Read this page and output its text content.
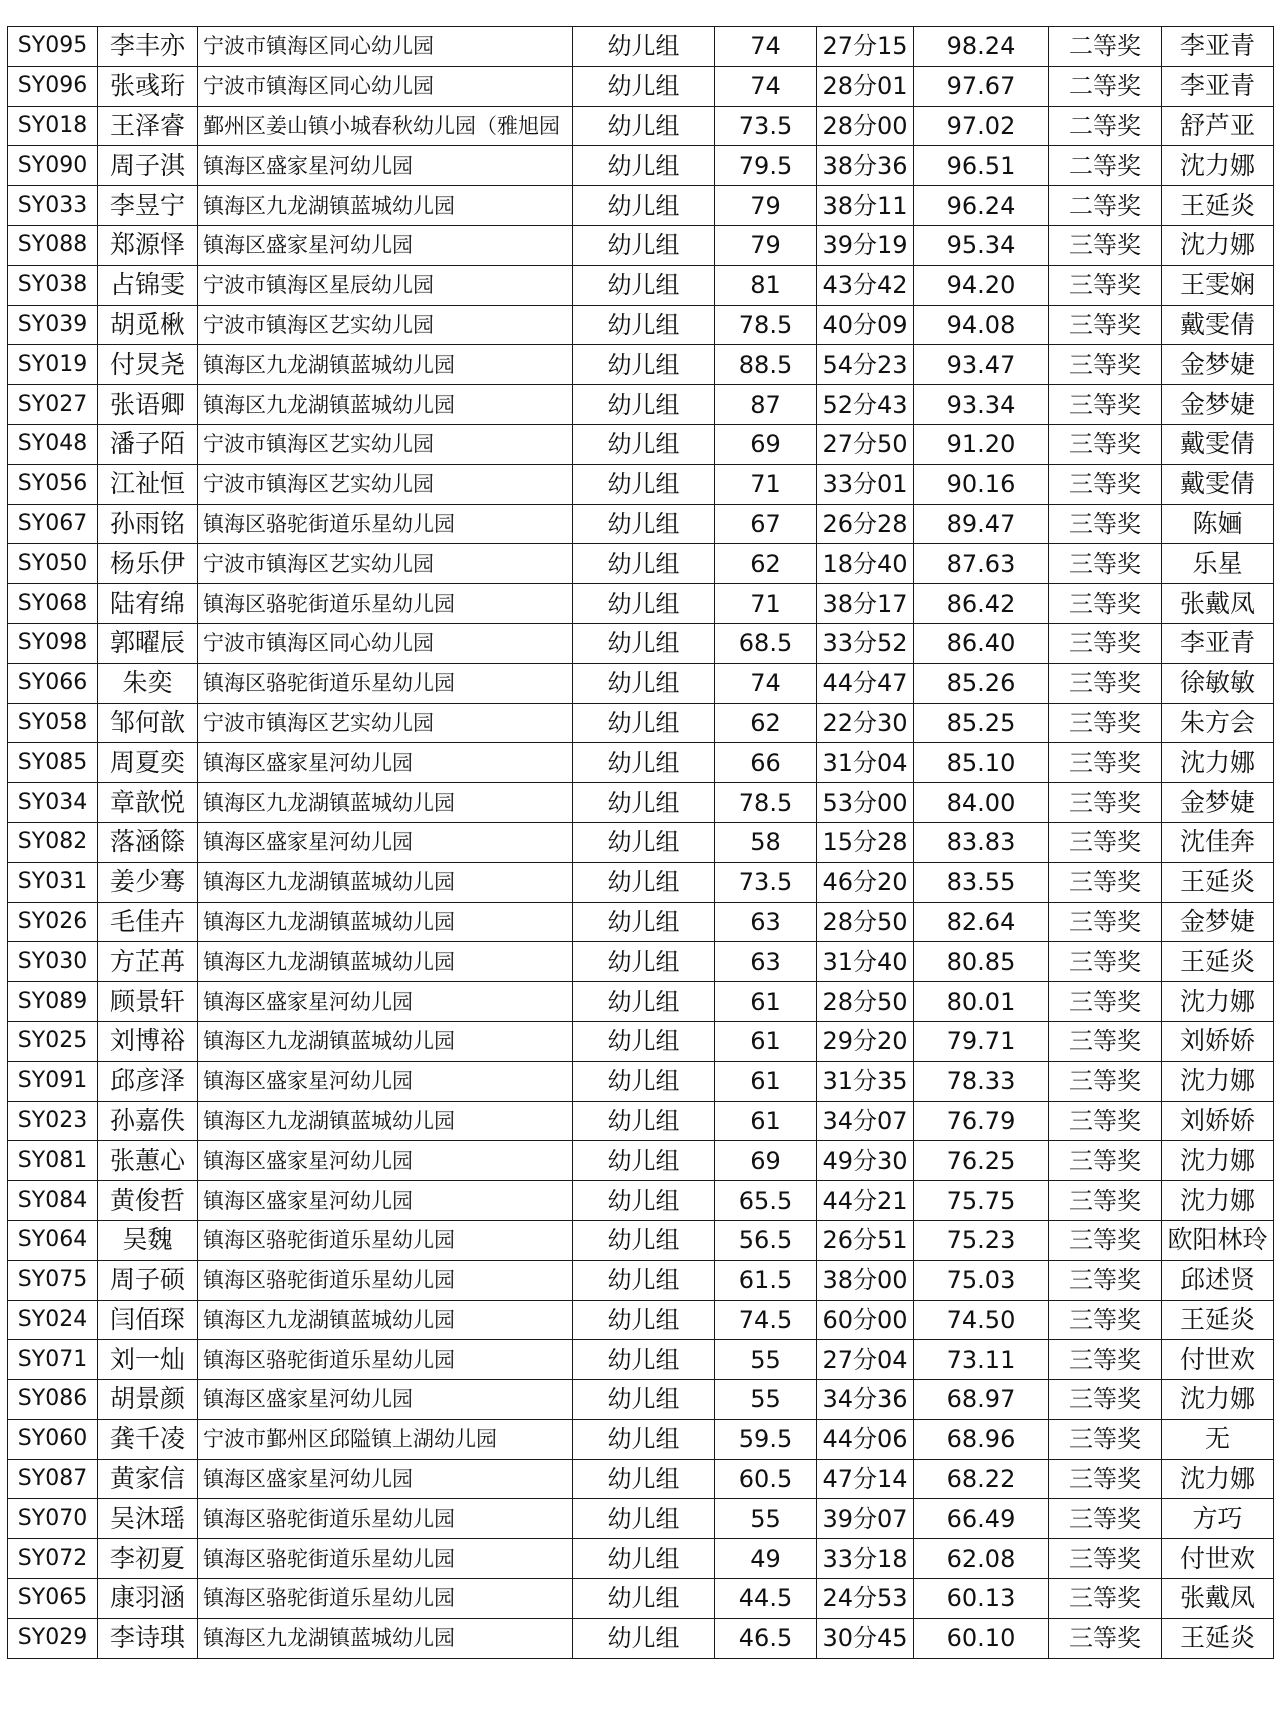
SY095	李丰亦	宁波市镇海区同心幼儿园	幼儿组	74	27分15	98.24	二等奖	李亚青
SY096	张彧珩	宁波市镇海区同心幼儿园	幼儿组	74	28分01	97.67	二等奖	李亚青
SY018	王泽睿	鄞州区姜山镇小城春秋幼儿园（雅旭园	幼儿组	73.5	28分00	97.02	二等奖	舒芦亚
SY090	周子淇	镇海区盛家星河幼儿园	幼儿组	79.5	38分36	96.51	二等奖	沈力娜
SY033	李昱宁	镇海区九龙湖镇蓝城幼儿园	幼儿组	79	38分11	96.24	二等奖	王延炎
SY088	郑源怿	镇海区盛家星河幼儿园	幼儿组	79	39分19	95.34	三等奖	沈力娜
SY038	占锦雯	宁波市镇海区星辰幼儿园	幼儿组	81	43分42	94.20	三等奖	王雯娴
SY039	胡觅楸	宁波市镇海区艺实幼儿园	幼儿组	78.5	40分09	94.08	三等奖	戴雯倩
SY019	付炅尧	镇海区九龙湖镇蓝城幼儿园	幼儿组	88.5	54分23	93.47	三等奖	金梦婕
SY027	张语卿	镇海区九龙湖镇蓝城幼儿园	幼儿组	87	52分43	93.34	三等奖	金梦婕
SY048	潘子陌	宁波市镇海区艺实幼儿园	幼儿组	69	27分50	91.20	三等奖	戴雯倩
SY056	江祉恒	宁波市镇海区艺实幼儿园	幼儿组	71	33分01	90.16	三等奖	戴雯倩
SY067	孙雨铭	镇海区骆驼街道乐星幼儿园	幼儿组	67	26分28	89.47	三等奖	陈婳
SY050	杨乐伊	宁波市镇海区艺实幼儿园	幼儿组	62	18分40	87.63	三等奖	乐星
SY068	陆宥绵	镇海区骆驼街道乐星幼儿园	幼儿组	71	38分17	86.42	三等奖	张戴凤
SY098	郭曜辰	宁波市镇海区同心幼儿园	幼儿组	68.5	33分52	86.40	三等奖	李亚青
SY066	朱奕	镇海区骆驼街道乐星幼儿园	幼儿组	74	44分47	85.26	三等奖	徐敏敏
SY058	邹何歆	宁波市镇海区艺实幼儿园	幼儿组	62	22分30	85.25	三等奖	朱方会
SY085	周夏奕	镇海区盛家星河幼儿园	幼儿组	66	31分04	85.10	三等奖	沈力娜
SY034	章歆悦	镇海区九龙湖镇蓝城幼儿园	幼儿组	78.5	53分00	84.00	三等奖	金梦婕
SY082	落涵篨	镇海区盛家星河幼儿园	幼儿组	58	15分28	83.83	三等奖	沈佳奔
SY031	姜少骞	镇海区九龙湖镇蓝城幼儿园	幼儿组	73.5	46分20	83.55	三等奖	王延炎
SY026	毛佳卉	镇海区九龙湖镇蓝城幼儿园	幼儿组	63	28分50	82.64	三等奖	金梦婕
SY030	方芷苒	镇海区九龙湖镇蓝城幼儿园	幼儿组	63	31分40	80.85	三等奖	王延炎
SY089	顾景轩	镇海区盛家星河幼儿园	幼儿组	61	28分50	80.01	三等奖	沈力娜
SY025	刘博裕	镇海区九龙湖镇蓝城幼儿园	幼儿组	61	29分20	79.71	三等奖	刘娇娇
SY091	邱彦泽	镇海区盛家星河幼儿园	幼儿组	61	31分35	78.33	三等奖	沈力娜
SY023	孙嘉佚	镇海区九龙湖镇蓝城幼儿园	幼儿组	61	34分07	76.79	三等奖	刘娇娇
SY081	张蕙心	镇海区盛家星河幼儿园	幼儿组	69	49分30	76.25	三等奖	沈力娜
SY084	黄俊哲	镇海区盛家星河幼儿园	幼儿组	65.5	44分21	75.75	三等奖	沈力娜
SY064	吴魏	镇海区骆驼街道乐星幼儿园	幼儿组	56.5	26分51	75.23	三等奖	欧阳林玲
SY075	周子硕	镇海区骆驼街道乐星幼儿园	幼儿组	61.5	38分00	75.03	三等奖	邱述贤
SY024	闫佰琛	镇海区九龙湖镇蓝城幼儿园	幼儿组	74.5	60分00	74.50	三等奖	王延炎
SY071	刘一灿	镇海区骆驼街道乐星幼儿园	幼儿组	55	27分04	73.11	三等奖	付世欢
SY086	胡景颜	镇海区盛家星河幼儿园	幼儿组	55	34分36	68.97	三等奖	沈力娜
SY060	龚千凌	宁波市鄞州区邱隘镇上湖幼儿园	幼儿组	59.5	44分06	68.96	三等奖	无
SY087	黄家信	镇海区盛家星河幼儿园	幼儿组	60.5	47分14	68.22	三等奖	沈力娜
SY070	吴沐瑶	镇海区骆驼街道乐星幼儿园	幼儿组	55	39分07	66.49	三等奖	方巧
SY072	李初夏	镇海区骆驼街道乐星幼儿园	幼儿组	49	33分18	62.08	三等奖	付世欢
SY065	康羽涵	镇海区骆驼街道乐星幼儿园	幼儿组	44.5	24分53	60.13	三等奖	张戴凤
SY029	李诗琪	镇海区九龙湖镇蓝城幼儿园	幼儿组	46.5	30分45	60.10	三等奖	王延炎
